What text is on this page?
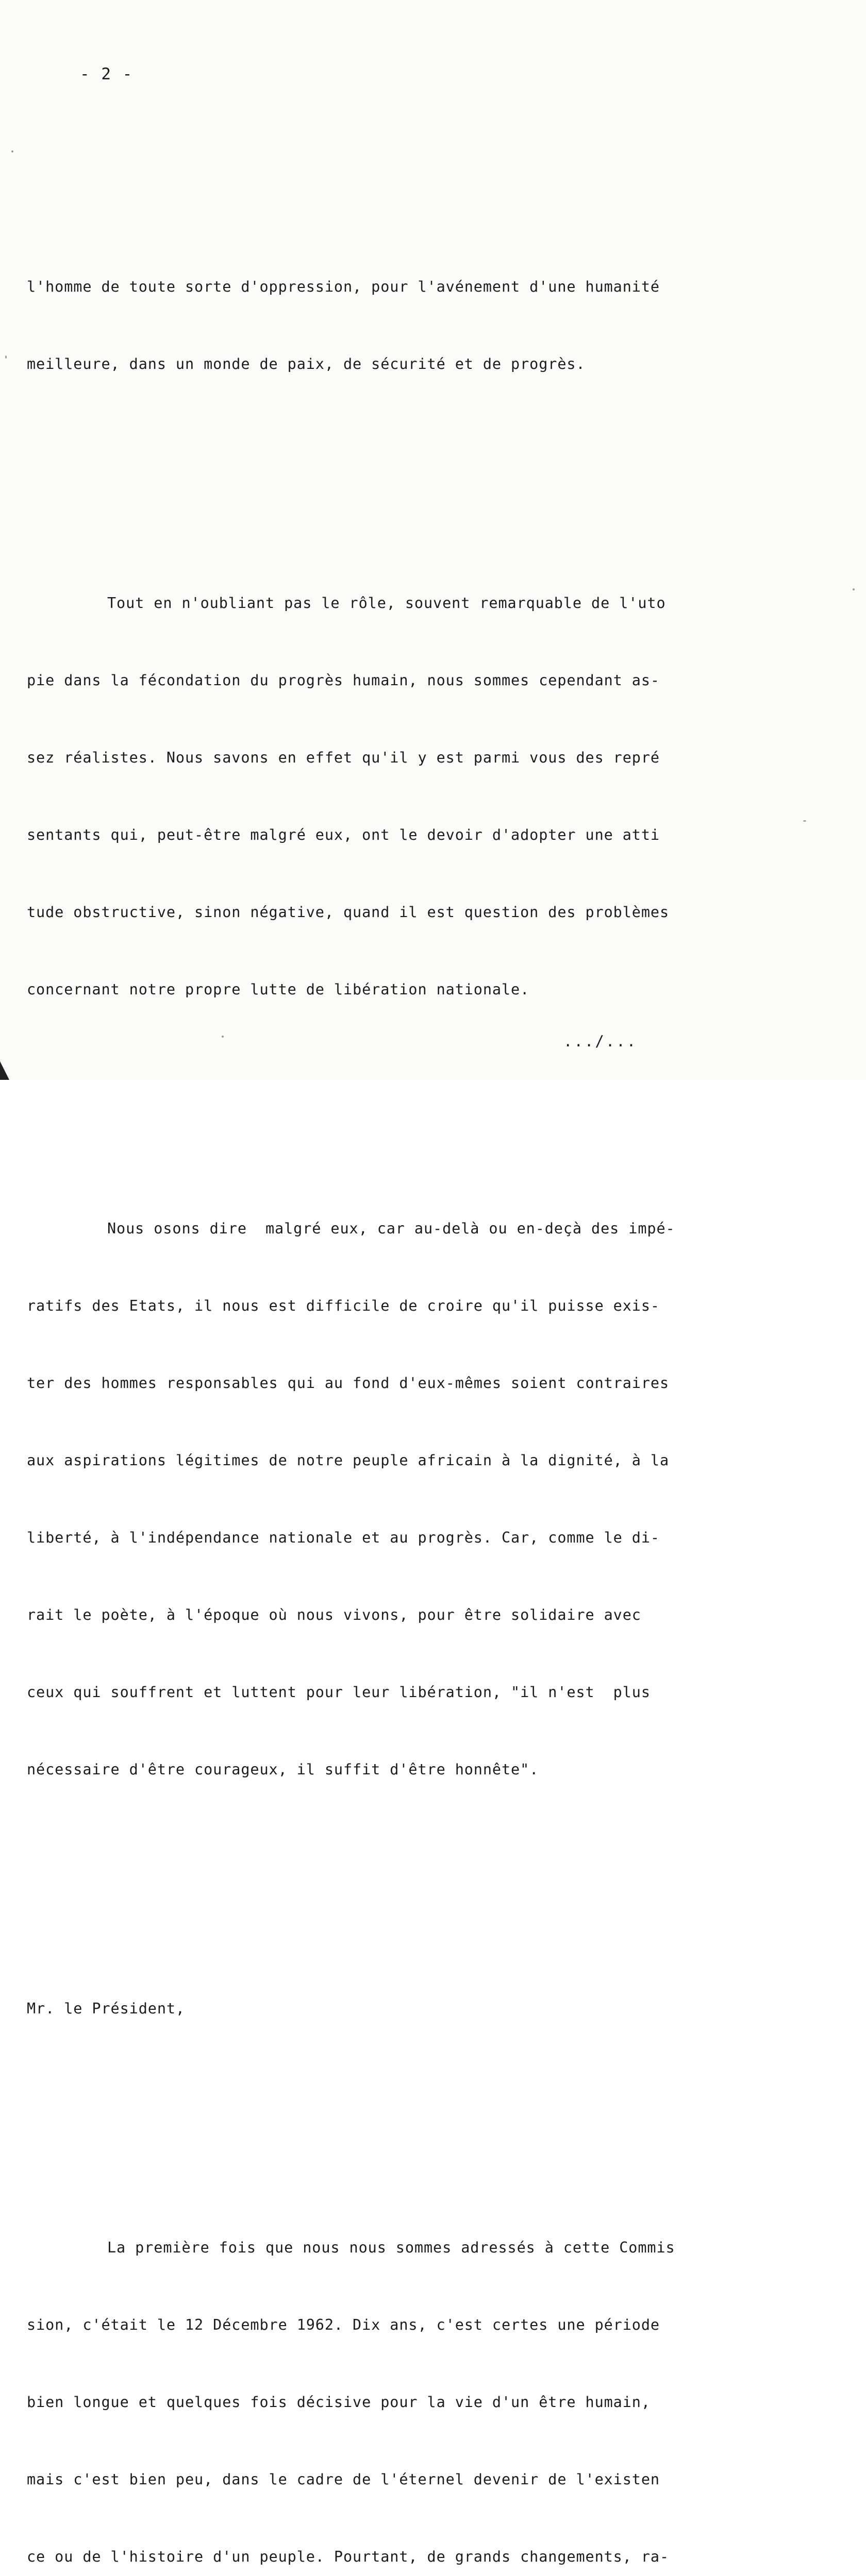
- 2 -

l'homme de toute sorte d'oppression, pour l'avénement d'une humanité

meilleure, dans un monde de paix, de sécurité et de progrès.

Tout en n'oubliant pas le rôle, souvent remarquable de l'uto

pie dans la fécondation du progrès humain, nous sommes cependant as-

sez réalistes. Nous savons en effet qu'il y est parmi vous des repré

sentants qui, peut-être malgré eux, ont le devoir d'adopter une atti

tude obstructive, sinon négative, quand il est question des problèmes

concernant notre propre lutte de libération nationale.

Nous osons dire  malgré eux, car au-delà ou en-deçà des impé-

ratifs des Etats, il nous est difficile de croire qu'il puisse exis-

ter des hommes responsables qui au fond d'eux-mêmes soient contraires

aux aspirations légitimes de notre peuple africain à la dignité, à la

liberté, à l'indépendance nationale et au progrès. Car, comme le di-

rait le poète, à l'époque où nous vivons, pour être solidaire avec

ceux qui souffrent et luttent pour leur libération, "il n'est  plus

nécessaire d'être courageux, il suffit d'être honnête".

Mr. le Président,

La première fois que nous nous sommes adressés à cette Commis

sion, c'était le 12 Décembre 1962. Dix ans, c'est certes une période

bien longue et quelques fois décisive pour la vie d'un être humain,

mais c'est bien peu, dans le cadre de l'éternel devenir de l'existen

ce ou de l'histoire d'un peuple. Pourtant, de grands changements, ra-

.../...
